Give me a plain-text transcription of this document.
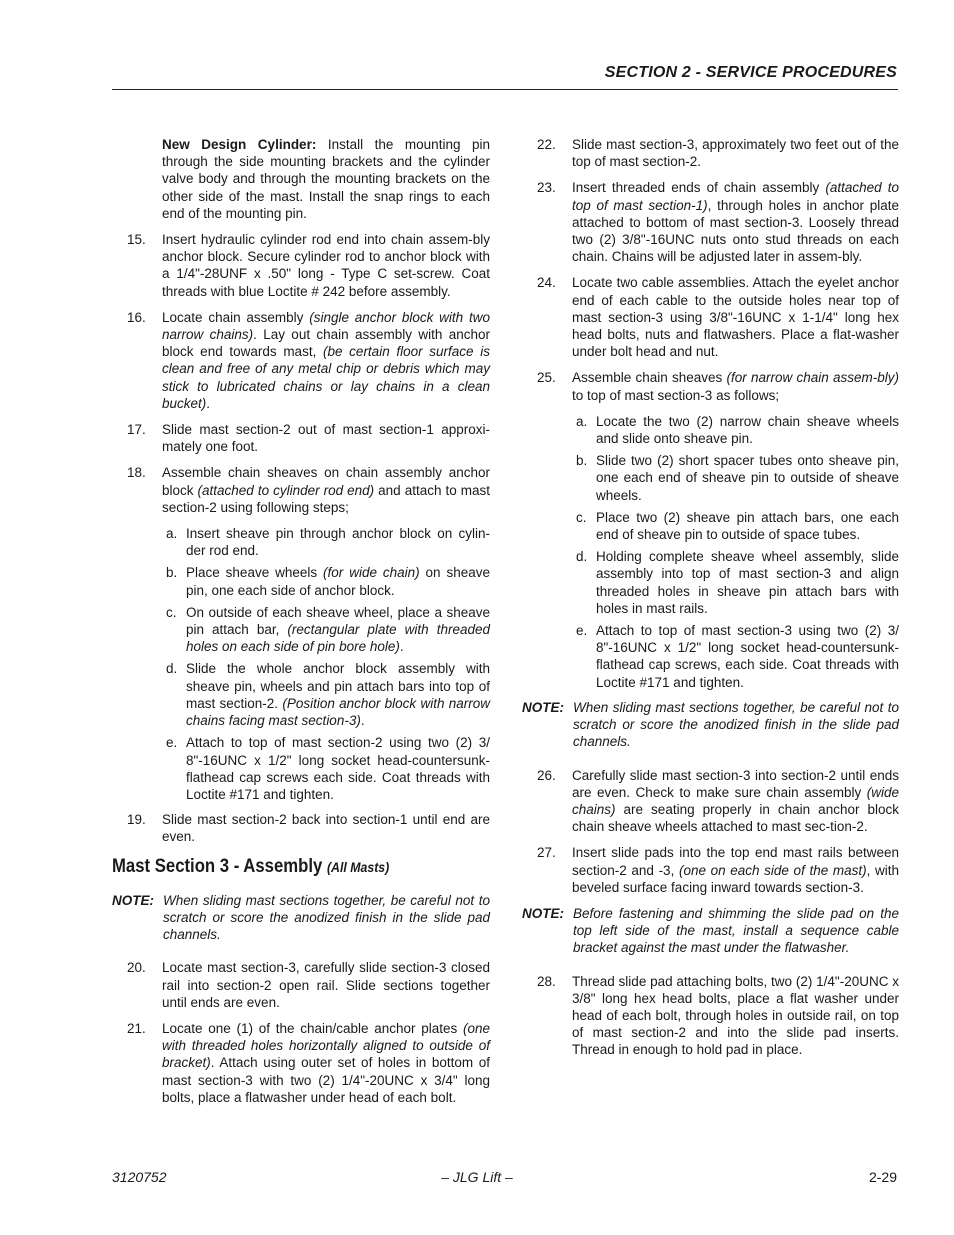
SECTION 2 - SERVICE PROCEDURES

New Design Cylinder: Install the mounting pin through the side mounting brackets and the cylinder valve body and through the mounting brackets on the other side of the mast. Install the snap rings to each end of the mounting pin.

15. Insert hydraulic cylinder rod end into chain assem-bly anchor block. Secure cylinder rod to anchor block with a 1/4"-28UNF x .50" long - Type C set-screw. Coat threads with blue Loctite # 242 before assembly.
16. Locate chain assembly (single anchor block with two narrow chains). Lay out chain assembly with anchor block end towards mast, (be certain floor surface is clean and free of any metal chip or debris which may stick to lubricated chains or lay chains in a clean bucket).
17. Slide mast section-2 out of mast section-1 approxi-mately one foot.
18. Assemble chain sheaves on chain assembly anchor block (attached to cylinder rod end) and attach to mast section-2 using following steps;
a. Insert sheave pin through anchor block on cylin-der rod end.
b. Place sheave wheels (for wide chain) on sheave pin, one each side of anchor block.
c. On outside of each sheave wheel, place a sheave pin attach bar, (rectangular plate with threaded holes on each side of pin bore hole).
d. Slide the whole anchor block assembly with sheave pin, wheels and pin attach bars into top of mast section-2. (Position anchor block with narrow chains facing mast section-3).
e. Attach to top of mast section-2 using two (2) 3/ 8"-16UNC x 1/2" long socket head-countersunk-flathead cap screws each side. Coat threads with Loctite #171 and tighten.
19. Slide mast section-2 back into section-1 until end are even.
Mast Section 3 - Assembly (All Masts)
NOTE: When sliding mast sections together, be careful not to scratch or score the anodized finish in the slide pad channels.
20. Locate mast section-3, carefully slide section-3 closed rail into section-2 open rail. Slide sections together until ends are even.
21. Locate one (1) of the chain/cable anchor plates (one with threaded holes horizontally aligned to outside of bracket). Attach using outer set of holes in bottom of mast section-3 with two (2) 1/4"-20UNC x 3/4" long bolts, place a flatwasher under head of each bolt.
22. Slide mast section-3, approximately two feet out of the top of mast section-2.
23. Insert threaded ends of chain assembly (attached to top of mast section-1), through holes in anchor plate attached to bottom of mast section-3. Loosely thread two (2) 3/8"-16UNC nuts onto stud threads on each chain. Chains will be adjusted later in assem-bly.
24. Locate two cable assemblies. Attach the eyelet anchor end of each cable to the outside holes near top of mast section-3 using 3/8"-16UNC x 1-1/4" long hex head bolts, nuts and flatwashers. Place a flat-washer under bolt head and nut.
25. Assemble chain sheaves (for narrow chain assem-bly) to top of mast section-3 as follows;
a. Locate the two (2) narrow chain sheave wheels and slide onto sheave pin.
b. Slide two (2) short spacer tubes onto sheave pin, one each end of sheave pin to outside of sheave wheels.
c. Place two (2) sheave pin attach bars, one each end of sheave pin to outside of space tubes.
d. Holding complete sheave wheel assembly, slide assembly into top of mast section-3 and align threaded holes in sheave pin attach bars with holes in mast rails.
e. Attach to top of mast section-3 using two (2) 3/ 8"-16UNC x 1/2" long socket head-countersunk-flathead cap screws, each side. Coat threads with Loctite #171 and tighten.
NOTE: When sliding mast sections together, be careful not to scratch or score the anodized finish in the slide pad channels.
26. Carefully slide mast section-3 into section-2 until ends are even. Check to make sure chain assembly (wide chains) are seating properly in chain anchor block chain sheave wheels attached to mast sec-tion-2.
27. Insert slide pads into the top end mast rails between section-2 and -3, (one on each side of the mast), with beveled surface facing inward towards section-3.
NOTE: Before fastening and shimming the slide pad on the top left side of the mast, install a sequence cable bracket against the mast under the flatwasher.
28. Thread slide pad attaching bolts, two (2) 1/4"-20UNC x 3/8" long hex head bolts, place a flat washer under head of each bolt, through holes in outside rail, on top of mast section-2 and into the slide pad inserts. Thread in enough to hold pad in place.
3120752	– JLG Lift –	2-29
